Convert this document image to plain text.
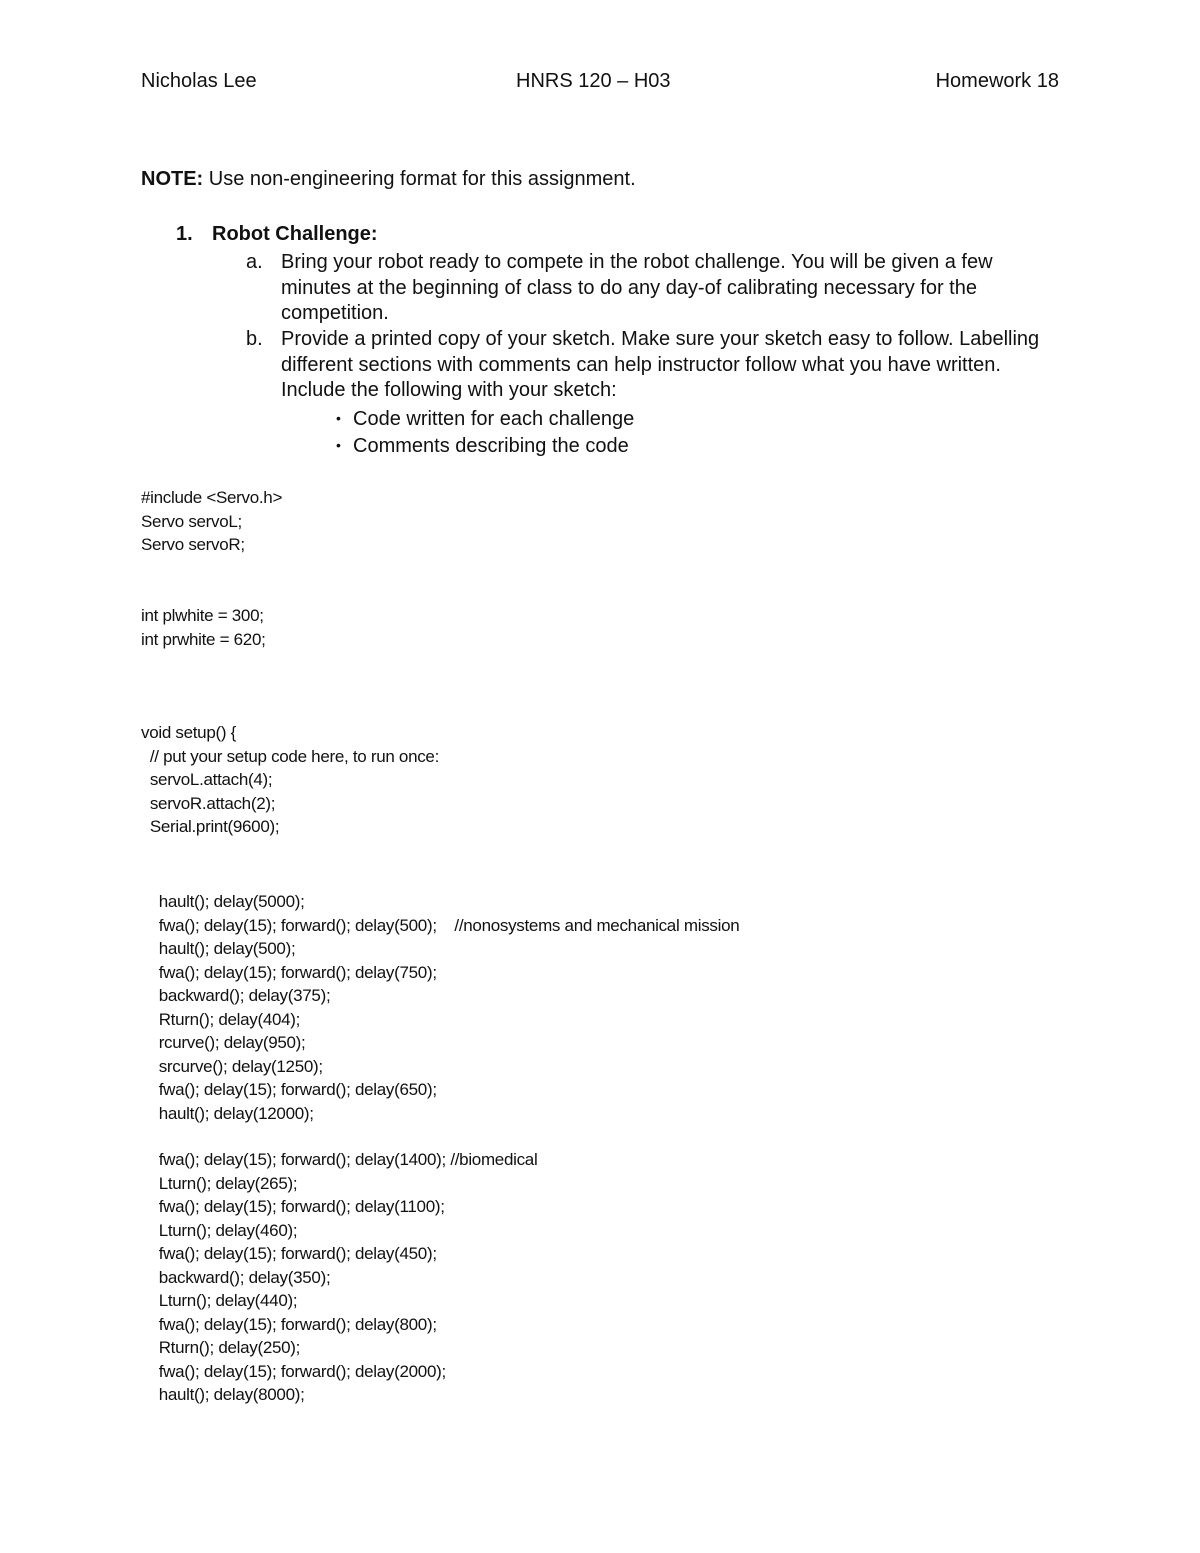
Nicholas Lee	HNRS 120 – H03	Homework 18
NOTE: Use non-engineering format for this assignment.
1. Robot Challenge:
a. Bring your robot ready to compete in the robot challenge. You will be given a few minutes at the beginning of class to do any day-of calibrating necessary for the competition.
b. Provide a printed copy of your sketch. Make sure your sketch easy to follow. Labelling different sections with comments can help instructor follow what you have written. Include the following with your sketch:
• Code written for each challenge
• Comments describing the code
#include <Servo.h>
Servo servoL;
Servo servoR;
int plwhite = 300;
int prwhite = 620;
void setup() {
// put your setup code here, to run once:
servoL.attach(4);
servoR.attach(2);
Serial.print(9600);
hault(); delay(5000);
fwa(); delay(15); forward(); delay(500);    //nonosystems and mechanical mission
hault(); delay(500);
fwa(); delay(15); forward(); delay(750);
backward(); delay(375);
Rturn(); delay(404);
rcurve(); delay(950);
srcurve(); delay(1250);
fwa(); delay(15); forward(); delay(650);
hault(); delay(12000);
fwa(); delay(15); forward(); delay(1400); //biomedical
Lturn(); delay(265);
fwa(); delay(15); forward(); delay(1100);
Lturn(); delay(460);
fwa(); delay(15); forward(); delay(450);
backward(); delay(350);
Lturn(); delay(440);
fwa(); delay(15); forward(); delay(800);
Rturn(); delay(250);
fwa(); delay(15); forward(); delay(2000);
hault(); delay(8000);
